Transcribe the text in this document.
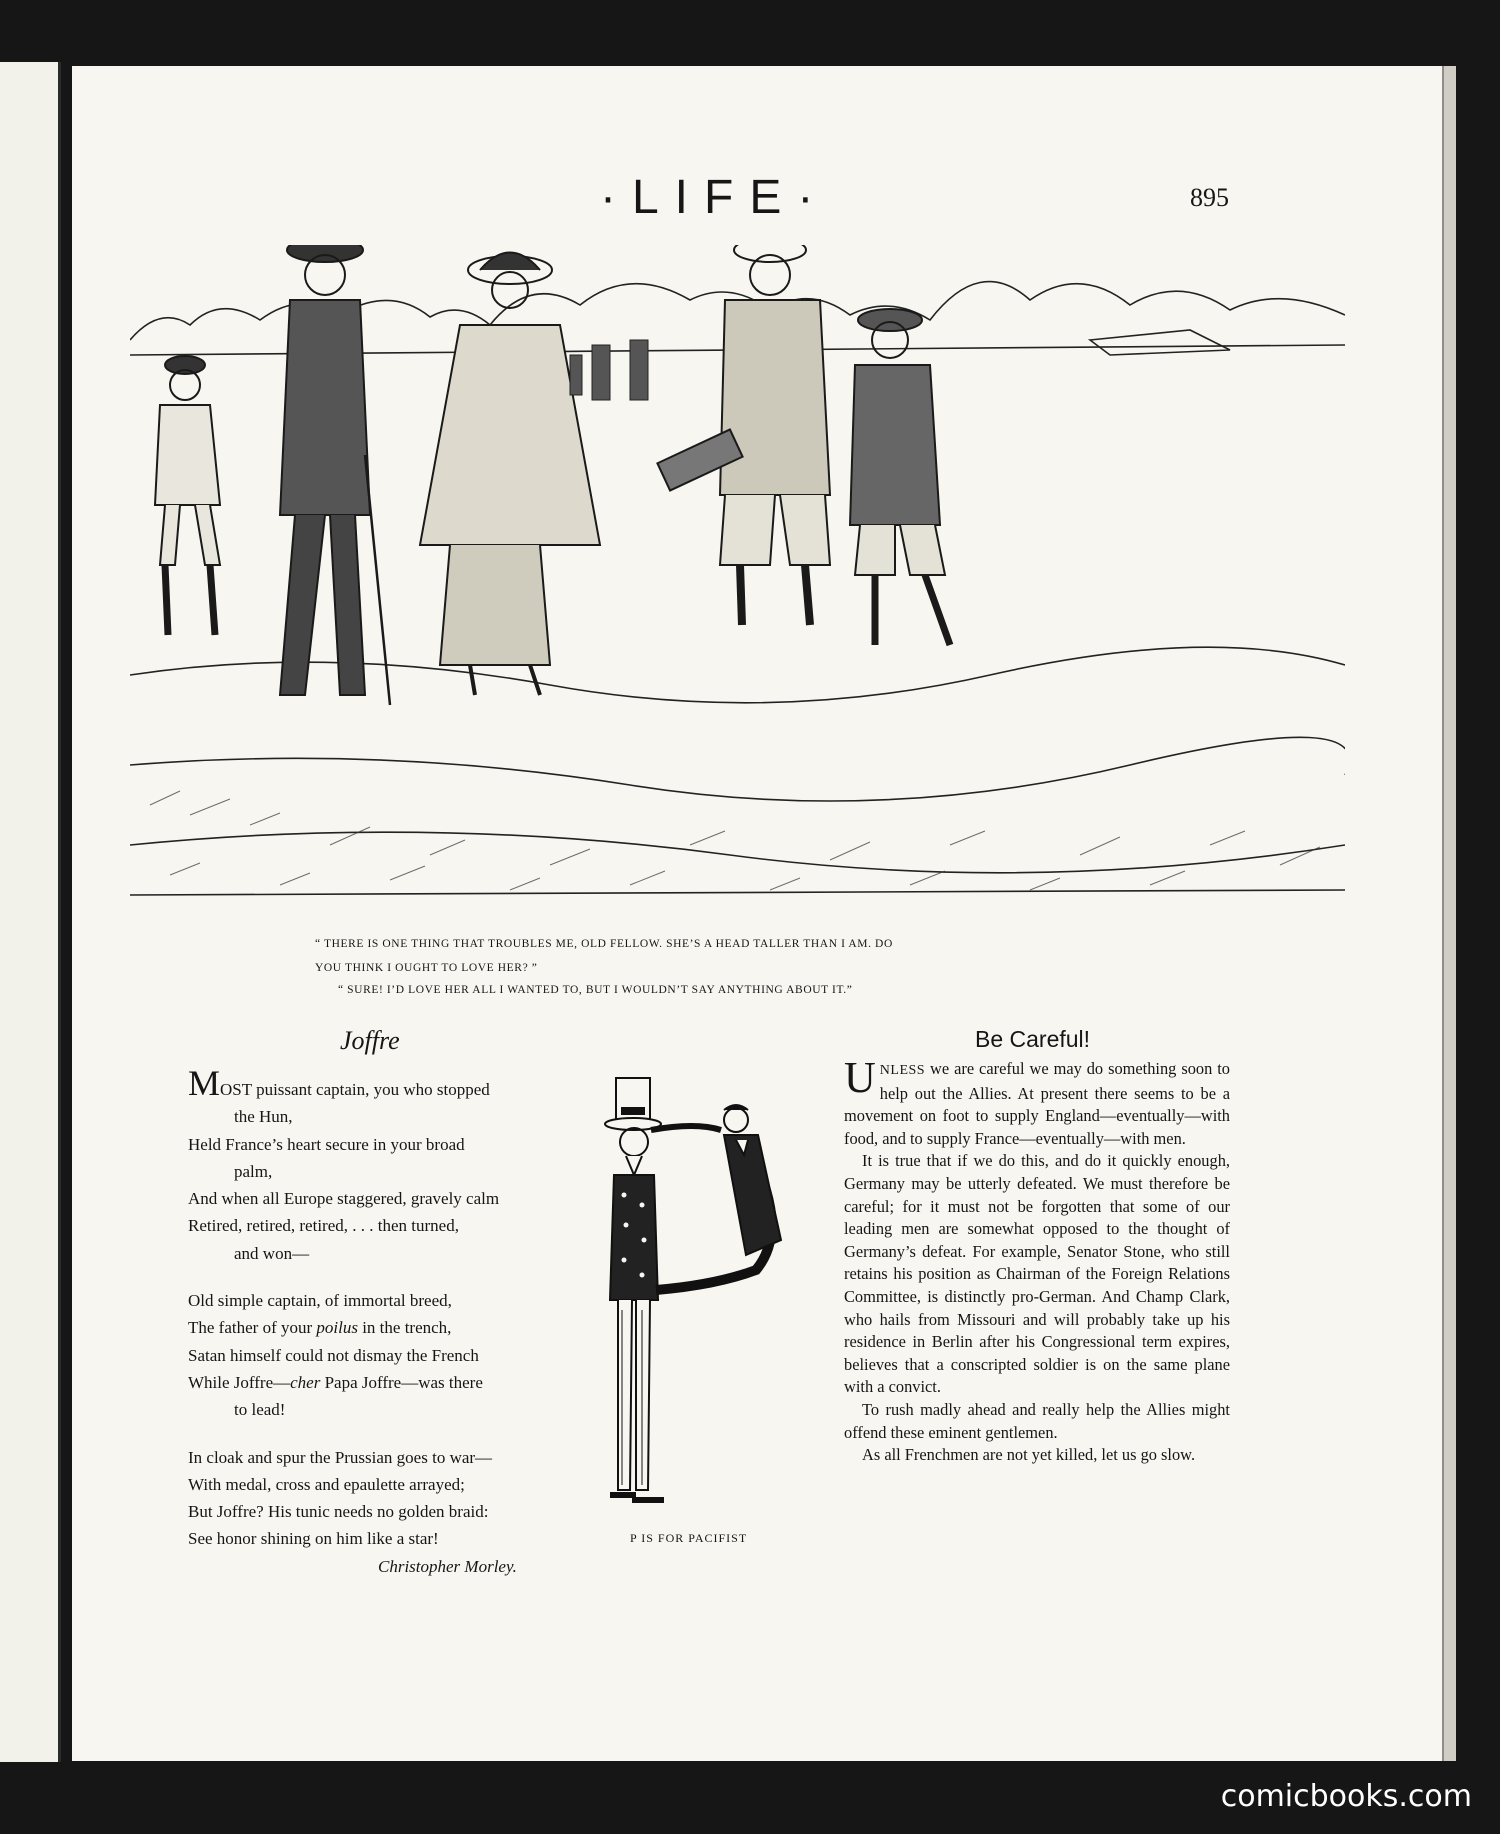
·LIFE·	895
“ THERE IS ONE THING THAT TROUBLES ME, OLD FELLOW. SHE’S A HEAD TALLER THAN I AM. DO
YOU THINK I OUGHT TO LOVE HER? ”
“ SURE! I’D LOVE HER ALL I WANTED TO, BUT I WOULDN’T SAY ANYTHING ABOUT IT.”
Joffre
MOST puissant captain, you who stopped
the Hun,
Held France’s heart secure in your broad
palm,
And when all Europe staggered, gravely calm
Retired, retired, retired, . . . then turned,
and won—
Old simple captain, of immortal breed,
The father of your poilus in the trench,
Satan himself could not dismay the French
While Joffre—cher Papa Joffre—was there
to lead!
In cloak and spur the Prussian goes to war—
With medal, cross and epaulette arrayed;
But Joffre? His tunic needs no golden braid:
See honor shining on him like a star!
Christopher Morley.
P IS FOR PACIFIST
Be Careful!

UNLESS we are careful we may do something soon to help out the Allies. At present there seems to be a movement on foot to supply England—eventually—with food, and to supply France—eventually—with men.

It is true that if we do this, and do it quickly enough, Germany may be utterly defeated. We must therefore be careful; for it must not be forgotten that some of our leading men are somewhat opposed to the thought of Germany’s defeat. For example, Senator Stone, who still retains his position as Chairman of the Foreign Relations Committee, is distinctly pro-German. And Champ Clark, who hails from Missouri and will probably take up his residence in Berlin after his Congressional term expires, believes that a conscripted soldier is on the same plane with a convict.

To rush madly ahead and really help the Allies might offend these eminent gentlemen.

As all Frenchmen are not yet killed, let us go slow.

comicbooks.com
